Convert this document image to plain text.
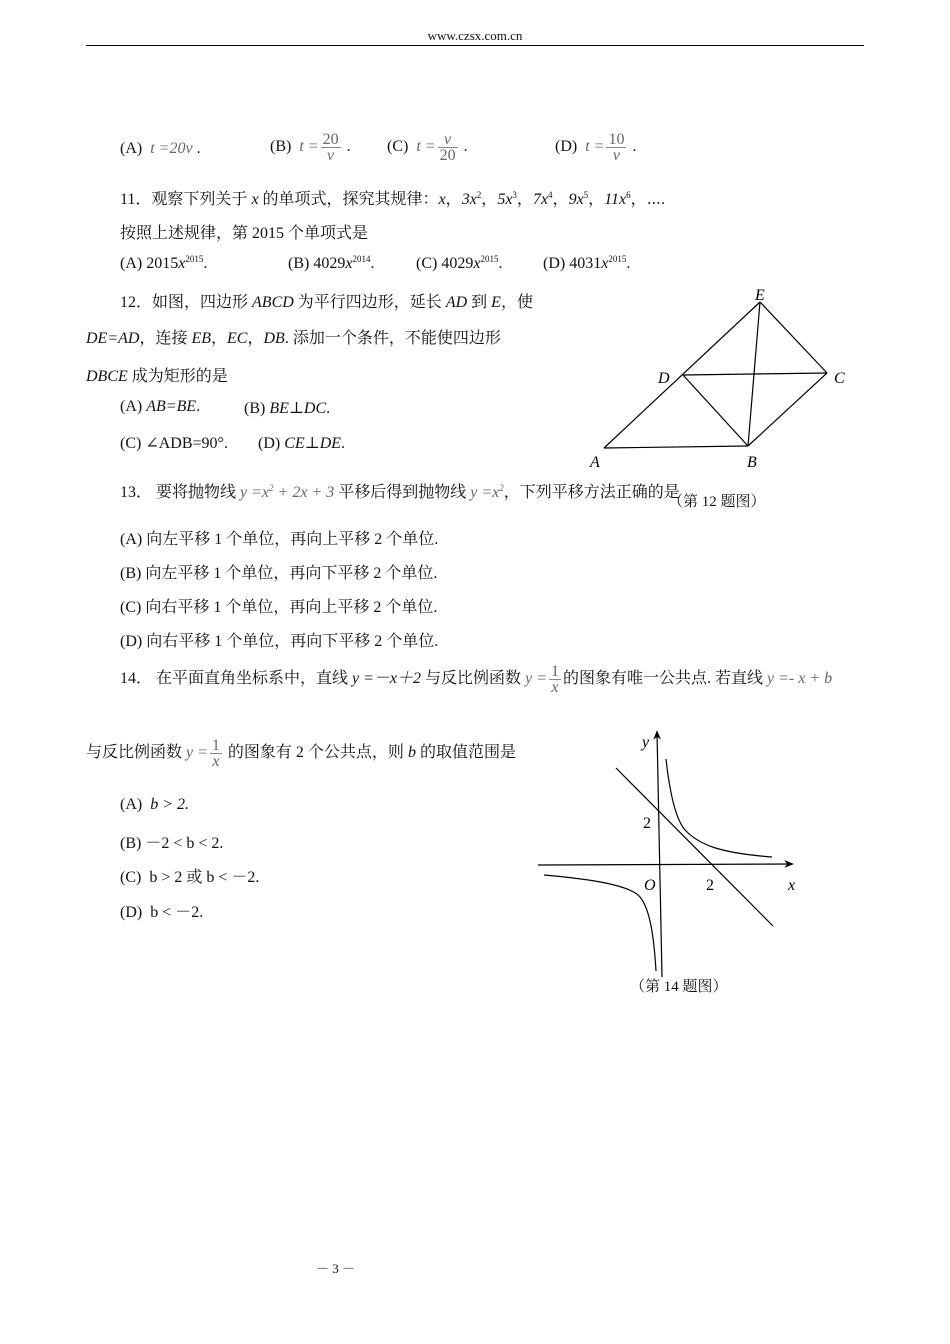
www.czsx.com.cn
(A) t =20v .	(B) $t = \frac{20}{v}$ . (C) $t = \frac{v}{20}$ .	(D) $t = \frac{10}{v}$ .
11．观察下列关于 x 的单项式，探究其规律：x，$3x^2$，$5x^3$，$7x^4$，$9x^5$，$11x^6$，⋯.
按照上述规律，第 2015 个单项式是
(A) $2015x^{2015}$.	(B) $4029x^{2014}$.	(C) $4029x^{2015}$.	(D) $4031x^{2015}$.
12．如图，四边形 ABCD 为平行四边形，延长 AD 到 E，使
DE=AD，连接 EB，EC，DB. 添加一个条件，不能使四边形
DBCE 成为矩形的是
(A) AB=BE.	(B) BE⊥DC.
(C) ∠ADB=90°. (D) CE⊥DE.
E
D	C
A	B
（第 12 题图）
13． 要将抛物线 $y =x^2 + 2x + 3$ 平移后得到抛物线 $y =x^2$，下列平移方法正确的是
(A) 向左平移 1 个单位，再向上平移 2 个单位.
(B) 向左平移 1 个单位，再向下平移 2 个单位.
(C) 向右平移 1 个单位，再向上平移 2 个单位.
(D) 向右平移 1 个单位，再向下平移 2 个单位.
14． 在平面直角坐标系中，直线 y =－x＋2 与反比例函数 $y = \frac{1}{x}$ 的图象有唯一公共点. 若直线 y =- x + b
与反比例函数 $y = \frac{1}{x}$ 的图象有 2 个公共点，则 b 的取值范围是
(A) b > 2.
(B) －2 < b < 2.
(C) b > 2 或 b < －2.
(D) b < －2.
y
x
O	2
2
（第 14 题图）
－ 3 －
